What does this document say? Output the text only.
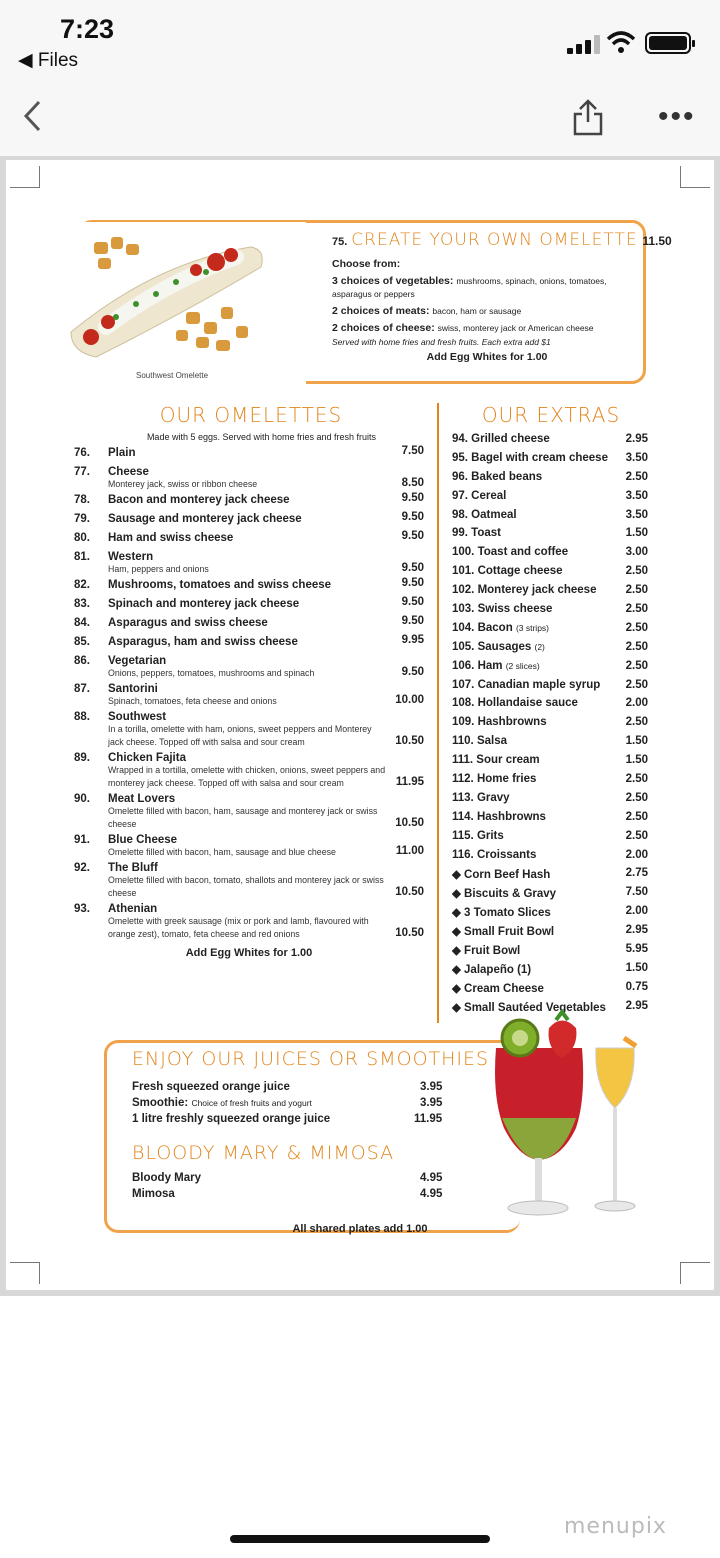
7:23
◀ Files
•••
Southwest Omelette
75. CREATE YOUR OWN OMELETTE 11.50

Choose from:

3 choices of vegetables: mushrooms, spinach, onions, tomatoes, asparagus or peppers

2 choices of meats: bacon, ham or sausage

2 choices of cheese: swiss, monterey jack or American cheese

Served with home fries and fresh fruits. Each extra add $1
Add Egg Whites for 1.00
OUR OMELETTES	OUR EXTRAS
Made with 5 eggs. Served with home fries and fresh fruits
76.	Plain	7.50
77.	Cheese
Monterey jack, swiss or ribbon cheese	8.50
78.	Bacon and monterey jack cheese	9.50
79.	Sausage and monterey jack cheese	9.50
80.	Ham and swiss cheese	9.50
81.	Western
Ham, peppers and onions	9.50
82.	Mushrooms, tomatoes and swiss cheese	9.50
83.	Spinach and monterey jack cheese	9.50
84.	Asparagus and swiss cheese	9.50
85.	Asparagus, ham and swiss cheese	9.95
86.	Vegetarian
Onions, peppers, tomatoes, mushrooms and spinach	9.50
87.	Santorini
Spinach, tomatoes, feta cheese and onions	10.00
88.	Southwest
In a torilla, omelette with ham, onions, sweet peppers and Monterey jack cheese. Topped off with salsa and sour cream	10.50
89.	Chicken Fajita
Wrapped in a tortilla, omelette with chicken, onions, sweet peppers and monterey jack cheese. Topped off with salsa and sour cream	11.95
90.	Meat Lovers
Omelette filled with bacon, ham, sausage and monterey jack or swiss cheese	10.50
91.	Blue Cheese
Omelette filled with bacon, ham, sausage and blue cheese	11.00
92.	The Bluff
Omelette filled with bacon, tomato, shallots and monterey jack or swiss cheese	10.50
93.	Athenian
Omelette with greek sausage (mix or pork and lamb, flavoured with orange zest), tomato, feta cheese and red onions	10.50
Add Egg Whites for 1.00
94. Grilled cheese	2.95
95. Bagel with cream cheese 3.50
96. Baked beans	2.50
97. Cereal	3.50
98. Oatmeal	3.50
99. Toast	1.50
100. Toast and coffee	3.00
101. Cottage cheese	2.50
102. Monterey jack cheese	2.50
103. Swiss cheese	2.50
104. Bacon (3 strips)	2.50
105. Sausages (2)	2.50
106. Ham (2 slices)	2.50
107. Canadian maple syrup 2.50
108. Hollandaise sauce	2.00
109. Hashbrowns	2.50
110. Salsa	1.50
111. Sour cream	1.50
112. Home fries	2.50
113. Gravy	2.50
114. Hashbrowns	2.50
115. Grits	2.50
116. Croissants	2.00
◆ Corn Beef Hash	2.75
◆ Biscuits & Gravy	7.50
◆ 3 Tomato Slices	2.00
◆ Small Fruit Bowl	2.95
◆ Fruit Bowl	5.95
◆ Jalapeño (1)	1.50
◆ Cream Cheese	0.75
◆ Small Sautéed Vegetables 2.95
ENJOY OUR JUICES OR SMOOTHIES
Fresh squeezed orange juice	3.95
Smoothie: Choice of fresh fruits and yogurt	3.95
1 litre freshly squeezed orange juice	11.95
BLOODY MARY & MIMOSA
Bloody Mary	4.95
Mimosa	4.95
All shared plates add 1.00
menupix
